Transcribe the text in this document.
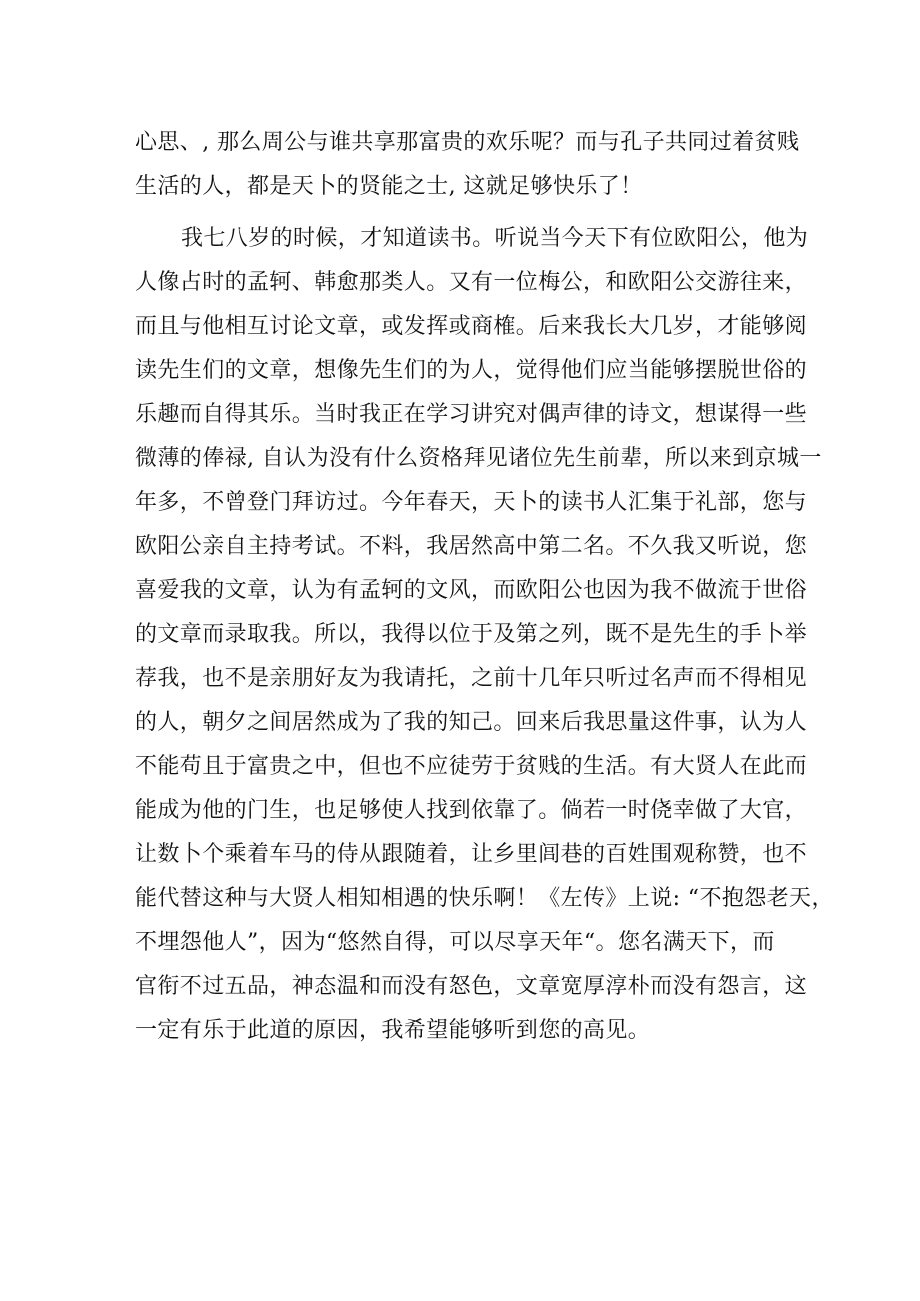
心思、, 那么周公与谁共享那富贵的欢乐呢？而与孔子共同过着贫贱
生活的人，都是天卜的贤能之士, 这就足够快乐了！
我七八岁的时候，才知道读书。听说当今天下有位欧阳公，他为
人像占时的孟轲、韩愈那类人。又有一位梅公，和欧阳公交游往来，
而且与他相互讨论文章，或发挥或商榷。后来我长大几岁，才能够阅
读先生们的文章，想像先生们的为人，觉得他们应当能够摆脱世俗的
乐趣而自得其乐。当时我正在学习讲究对偶声律的诗文，想谋得一些
微薄的俸禄, 自认为没有什么资格拜见诸位先生前辈，所以来到京城一
年多，不曾登门拜访过。今年春天，天卜的读书人汇集于礼部，您与
欧阳公亲自主持考试。不料，我居然高中第二名。不久我又听说，您
喜爱我的文章，认为有孟轲的文风，而欧阳公也因为我不做流于世俗
的文章而录取我。所以，我得以位于及第之列，既不是先生的手卜举
荐我，也不是亲朋好友为我请托，之前十几年只听过名声而不得相见
的人，朝夕之间居然成为了我的知己。回来后我思量这件事，认为人
不能苟且于富贵之中，但也不应徒劳于贫贱的生活。有大贤人在此而
能成为他的门生，也足够使人找到依靠了。倘若一时侥幸做了大官，
让数卜个乘着车马的侍从跟随着，让乡里闾巷的百姓围观称赞，也不
能代替这种与大贤人相知相遇的快乐啊！《左传》上说: “不抱怨老天，
不埋怨他人”，因为“悠然自得，可以尽享天年“。您名满天下，而
官衔不过五品，神态温和而没有怒色，文章宽厚淳朴而没有怨言，这
一定有乐于此道的原因，我希望能够听到您的高见。
